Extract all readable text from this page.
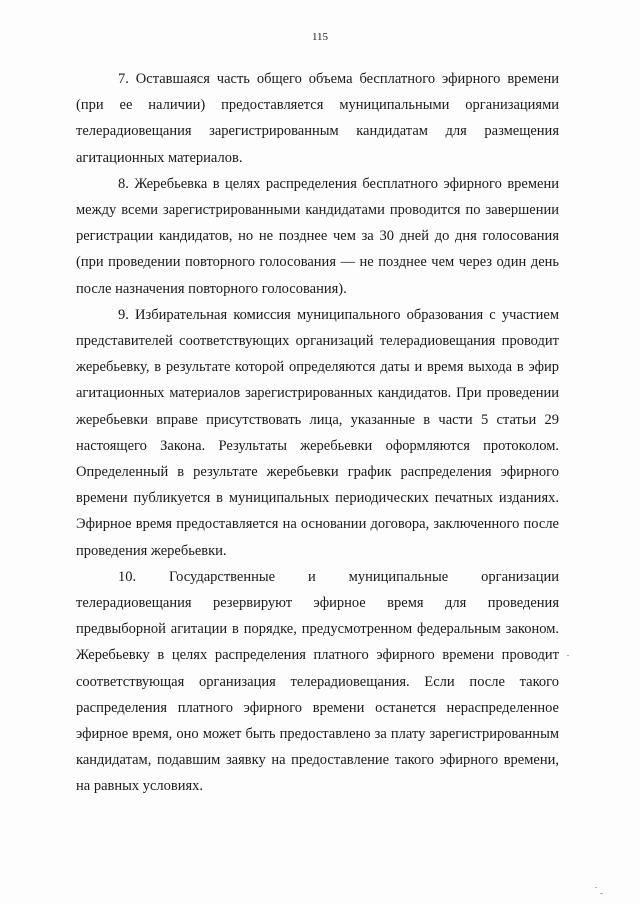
115

7. Оставшаяся часть общего объема бесплатного эфирного времени (при ее наличии) предоставляется муниципальными организациями телерадиовещания зарегистрированным кандидатам для размещения агитационных материалов.

8. Жеребьевка в целях распределения бесплатного эфирного времени между всеми зарегистрированными кандидатами проводится по завершении регистрации кандидатов, но не позднее чем за 30 дней до дня голосования (при проведении повторного голосования — не позднее чем через один день после назначения повторного голосования).

9. Избирательная комиссия муниципального образования с участием представителей соответствующих организаций телерадиовещания проводит жеребьевку, в результате которой определяются даты и время выхода в эфир агитационных материалов зарегистрированных кандидатов. При проведении жеребьевки вправе присутствовать лица, указанные в части 5 статьи 29 настоящего Закона. Результаты жеребьевки оформляются протоколом. Определенный в результате жеребьевки график распределения эфирного времени публикуется в муниципальных периодических печатных изданиях. Эфирное время предоставляется на основании договора, заключенного после проведения жеребьевки.

10. Государственные и муниципальные организации телерадиовещания резервируют эфирное время для проведения предвыборной агитации в порядке, предусмотренном федеральным законом. Жеребьевку в целях распределения платного эфирного времени проводит соответствующая организация телерадиовещания. Если после такого распределения платного эфирного времени останется нераспределенное эфирное время, оно может быть предоставлено за плату зарегистрированным кандидатам, подавшим заявку на предоставление такого эфирного времени, на равных условиях.
